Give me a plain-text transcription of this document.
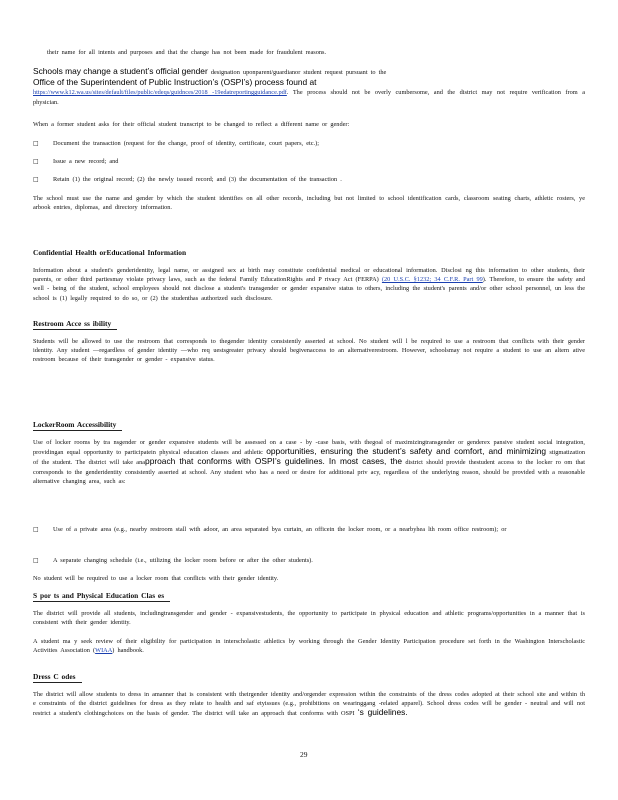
their name for all intents and purposes and that the change has not been made for fraudulent reasons.
Schools may change a student’s official gender designation uponparent/guardianor student request pursuant to the
Office of the Superintendent of Public Instruction’s (OSPI’s) process found at
https://www.k12.wa.us/sites/default/files/public/edeqs/guidnces/2018 -19edatreportingguidance.pdf. The process should not be overly cumbersome, and the district may not require verification from a physician.
When a former student asks for their official student transcript to be changed to reflect a different name or gender:
□ Document the transaction (request for the change, proof of identity, certificate, court papers, etc.);
□ Issue a new record; and
□ Retain (1) the original record; (2) the newly issued record; and (3) the documentation of the transaction .
The school must use the name and gender by which the student identifies on all other records, including but not limited to school identification cards, classroom seating charts, athletic rosters, ye arbook entries, diplomas, and directory information.
Confidential Health orEducational Information
Information about a student's genderidentity, legal name, or assigned sex at birth may constitute confidential medical or educational information. Disclosi ng this information to other students, their parents, or other third partiesmay violate privacy laws, such as the federal Family EducationRights and P rivacy Act (FERPA) (20 U.S.C. §1232; 34 C.F.R. Part 99). Therefore, to ensure the safety and well - being of the student, school employees should not disclose a student's transgender or gender expansive status to others, including the student's parents and/or other school personnel, un less the school is (1) legally required to do so, or (2) the studenthas authorized such disclosure.
Restroom Acce ss ibility
Students will be allowed to use the restroom that corresponds to thegender identity consistently asserted at school. No student will l be required to use a restroom that conflicts with their gender identity. Any student —regardless of gender identity —who req uestsgreater privacy should begivenaccess to an alternativerestroom. However, schoolsmay not require a student to use an altern ative restroom because of their transgender or gender - expansive status.
LockerRoom Accessibility
Use of locker rooms by tra nsgender or gender expansive students will be assessed on a case - by -case basis, with thegoal of maximizingtransgender or genderex pansive student social integration, providingan equal opportunity to participatein physical education classes and athletic opportunities, ensuring the student’s safety and comfort, and minimizing stigmatization of the student. The district will take anapproach that conforms with OSPI’s guidelines. In most cases, the district should provide thestudent access to the locker ro om that corresponds to the genderidentity consistently asserted at school. Any student who has a need or desire for additional priv acy, regardless of the underlying reason, should be provided with a reasonable alternative changing area, such as:
□ Use of a private area (e.g., nearby restroom stall with adoor, an area separated bya curtain, an officein the locker room, or a nearbyhea lth room office restroom); or
□ A separate changing schedule (i.e., utilizing the locker room before or after the other students).
No student will be required to use a locker room that conflicts with their gender identity.
S por ts and Physical Education Clas es
The district will provide all students, includingtransgender and gender - expansivestudents, the opportunity to participate in physical education and athletic programs/opportunities in a manner that is consistent with their gender identity.
A student ma y seek review of their eligibility for participation in interscholastic athletics by working through the Gender Identity Participation procedure set forth in the Washington Interscholastic Activities Association (WIAA) handbook.
Dress C odes
The district will allow students to dress in amanner that is consistent with theirgender identity and/orgender expression within the constraints of the dress codes adopted at their school site and within th e constraints of the district guidelines for dress as they relate to health and saf etyissues (e.g., prohibitions on wearinggang -related apparel). School dress codes will be gender - neutral and will not restrict a student's clothingchoices on the basis of gender. The district will take an approach that conforms with OSPI ‘s guidelines.
29
